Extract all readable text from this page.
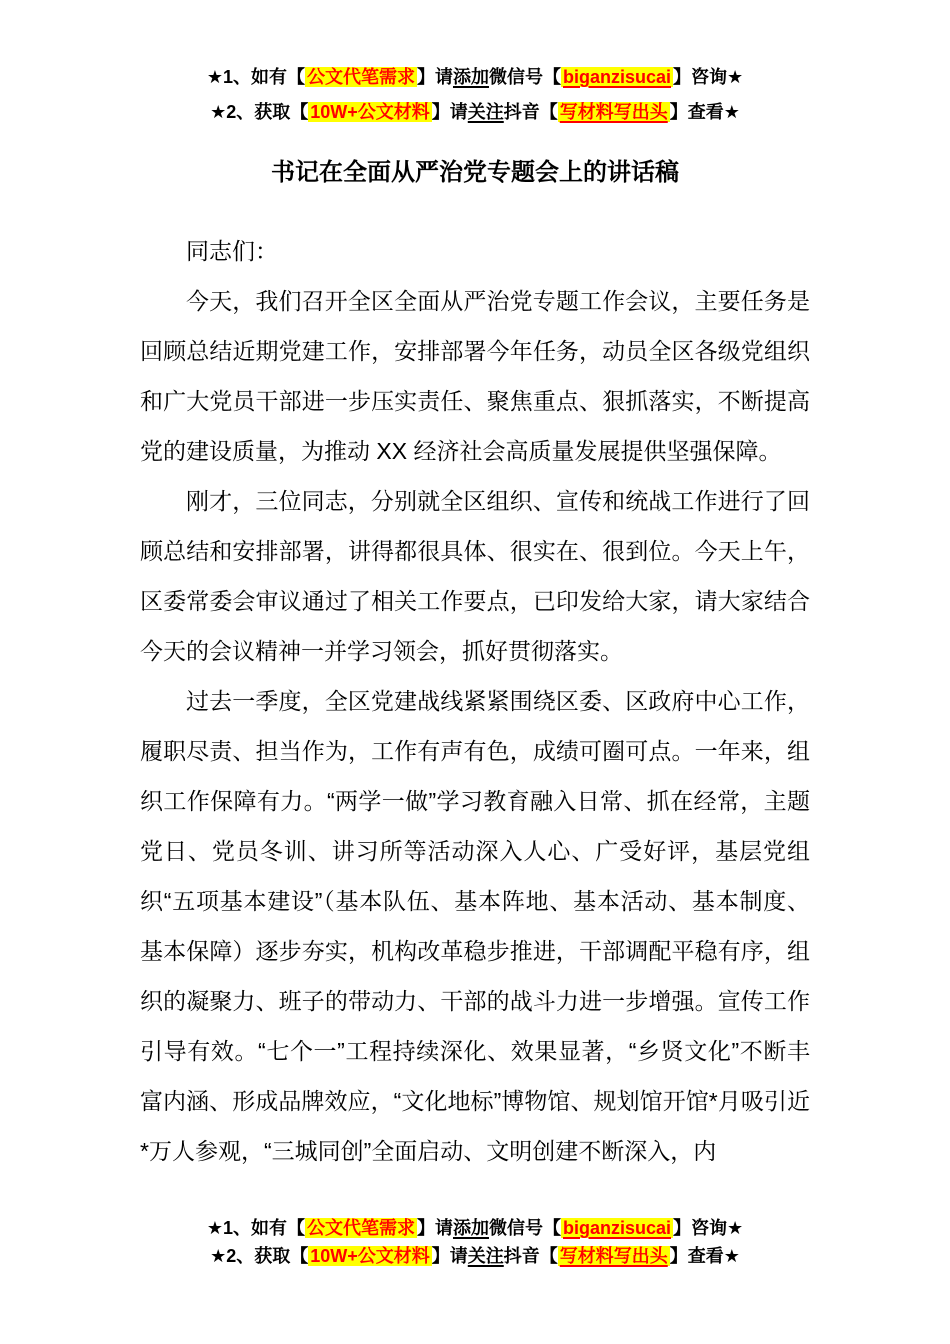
★1、如有【 公文代笔需求 】请添加微信号【 biganzisucai 】咨询★
★2、获取【 10W+公文材料 】请关注抖音【 写材料写出头 】查看★
书记在全面从严治党专题会上的讲话稿

同志们：

今天，我们召开全区全面从严治党专题工作会议，主要任务是回顾总结近期党建工作，安排部署今年任务，动员全区各级党组织和广大党员干部进一步压实责任、聚焦重点、狠抓落实，不断提高党的建设质量，为推动 XX 经济社会高质量发展提供坚强保障。

刚才，三位同志，分别就全区组织、宣传和统战工作进行了回顾总结和安排部署，讲得都很具体、很实在、很到位。今天上午，区委常委会审议通过了相关工作要点，已印发给大家，请大家结合今天的会议精神一并学习领会，抓好贯彻落实。

过去一季度，全区党建战线紧紧围绕区委、区政府中心工作，履职尽责、担当作为，工作有声有色，成绩可圈可点。一年来，组织工作保障有力。“两学一做”学习教育融入日常、抓在经常，主题党日、党员冬训、讲习所等活动深入人心、广受好评，基层党组织“五项基本建设”（基本队伍、基本阵地、基本活动、基本制度、基本保障）逐步夯实，机构改革稳步推进，干部调配平稳有序，组织的凝聚力、班子的带动力、干部的战斗力进一步增强。宣传工作引导有效。“七个一”工程持续深化、效果显著，“乡贤文化”不断丰富内涵、形成品牌效应，“文化地标”博物馆、规划馆开馆*月吸引近*万人参观，“三城同创”全面启动、文明创建不断深入，内

★1、如有【 公文代笔需求 】请添加微信号【 biganzisucai 】咨询★
★2、获取【 10W+公文材料 】请关注抖音【 写材料写出头 】查看★
